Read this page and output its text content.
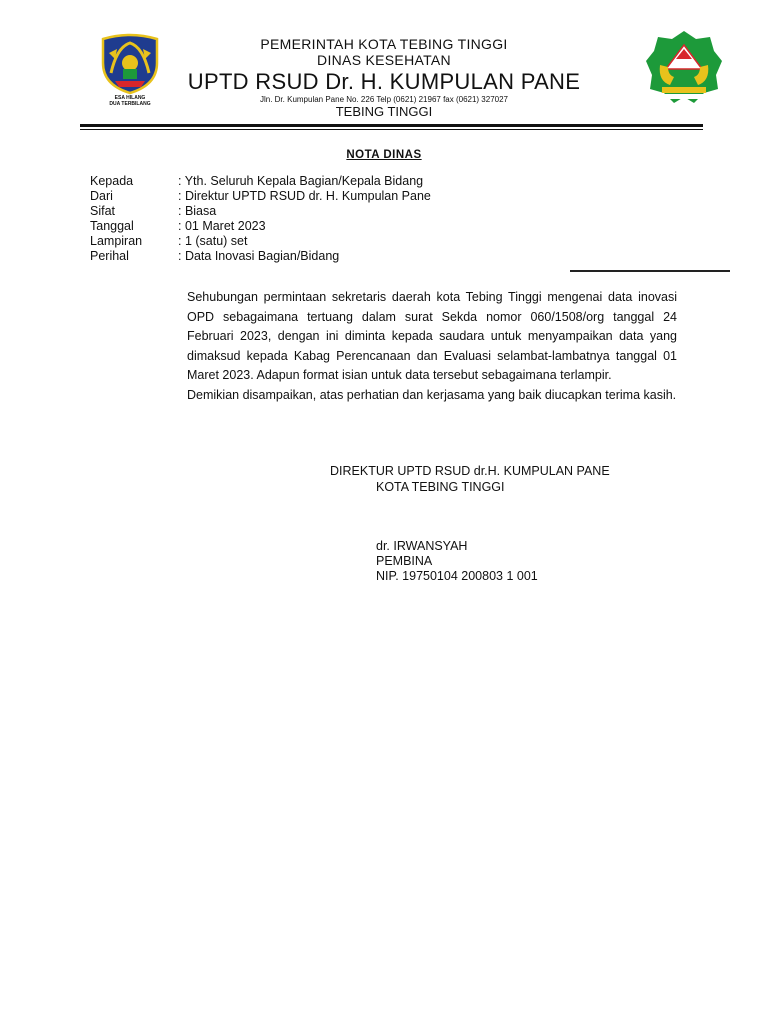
ESA HILANG
DUA TERBILANG
PEMERINTAH KOTA TEBING TINGGI
DINAS KESEHATAN
UPTD RSUD Dr. H. KUMPULAN PANE
Jln. Dr. Kumpulan Pane No. 226 Telp (0621) 21967 fax (0621) 327027
TEBING TINGGI
NOTA DINAS
Kepada	: Yth. Seluruh Kepala Bagian/Kepala Bidang
Dari	: Direktur UPTD RSUD dr. H. Kumpulan Pane
Sifat	: Biasa
Tanggal	: 01 Maret 2023
Lampiran	: 1 (satu) set
Perihal	: Data Inovasi Bagian/Bidang

Sehubungan permintaan sekretaris daerah kota Tebing Tinggi mengenai data inovasi OPD sebagaimana tertuang dalam surat Sekda nomor 060/1508/org tanggal 24 Februari 2023, dengan ini diminta kepada saudara untuk menyampaikan data yang dimaksud kepada Kabag Perencanaan dan Evaluasi selambat-lambatnya tanggal 01 Maret 2023. Adapun format isian untuk data tersebut sebagaimana terlampir.

Demikian disampaikan, atas perhatian dan kerjasama yang baik diucapkan terima kasih.

DIREKTUR UPTD RSUD dr.H. KUMPULAN PANE
KOTA TEBING TINGGI
dr. IRWANSYAH
PEMBINA
NIP. 19750104 200803 1 001
